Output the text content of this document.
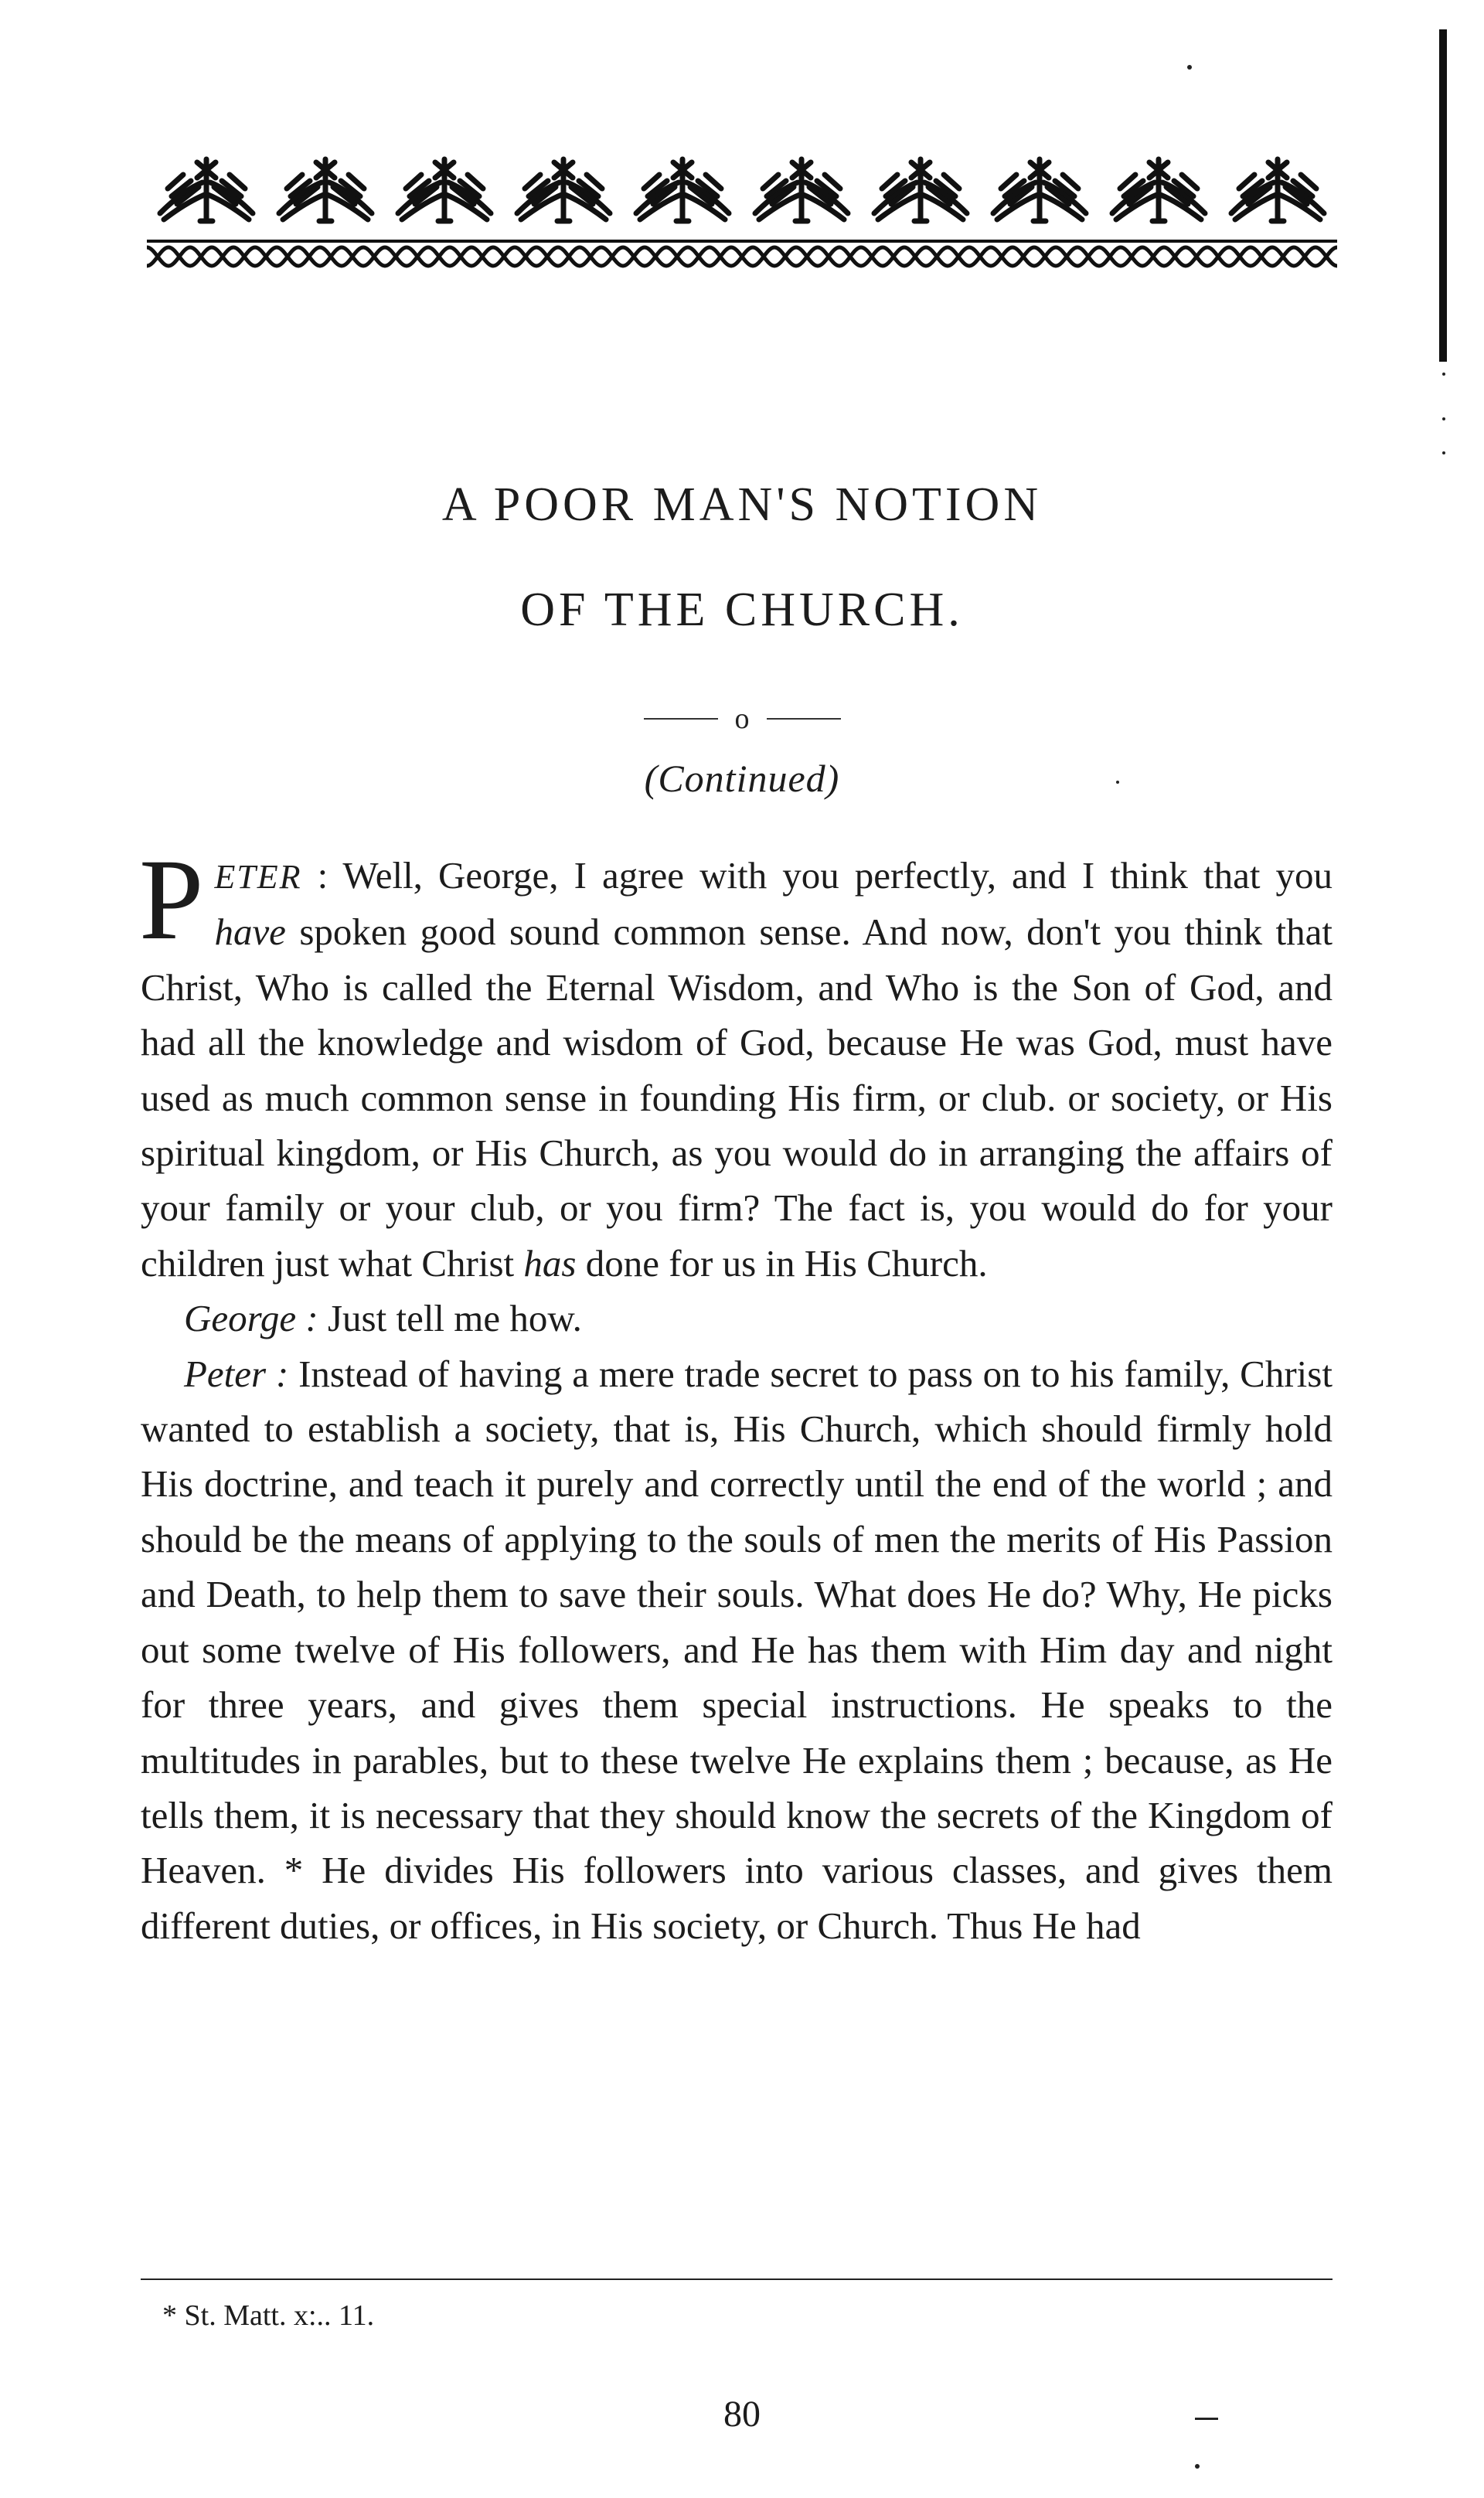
A POOR MAN'S NOTION
OF THE CHURCH.
o
(Continued)

PETER : Well, George, I agree with you perfectly, and I think that you have spoken good sound common sense. And now, don't you think that Christ, Who is called the Eternal Wisdom, and Who is the Son of God, and had all the knowledge and wisdom of God, because He was God, must have used as much common sense in founding His firm, or club. or society, or His spiritual kingdom, or His Church, as you would do in arranging the affairs of your family or your club, or you firm? The fact is, you would do for your children just what Christ has done for us in His Church.

George : Just tell me how.

Peter : Instead of having a mere trade secret to pass on to his family, Christ wanted to establish a society, that is, His Church, which should firmly hold His doctrine, and teach it purely and correctly until the end of the world ; and should be the means of applying to the souls of men the merits of His Passion and Death, to help them to save their souls. What does He do? Why, He picks out some twelve of His followers, and He has them with Him day and night for three years, and gives them special instructions. He speaks to the multitudes in parables, but to these twelve He explains them ; because, as He tells them, it is necessary that they should know the secrets of the Kingdom of Heaven. * He divides His followers into various classes, and gives them different duties, or offices, in His society, or Church. Thus He had

* St. Matt. x:.. 11.
80
